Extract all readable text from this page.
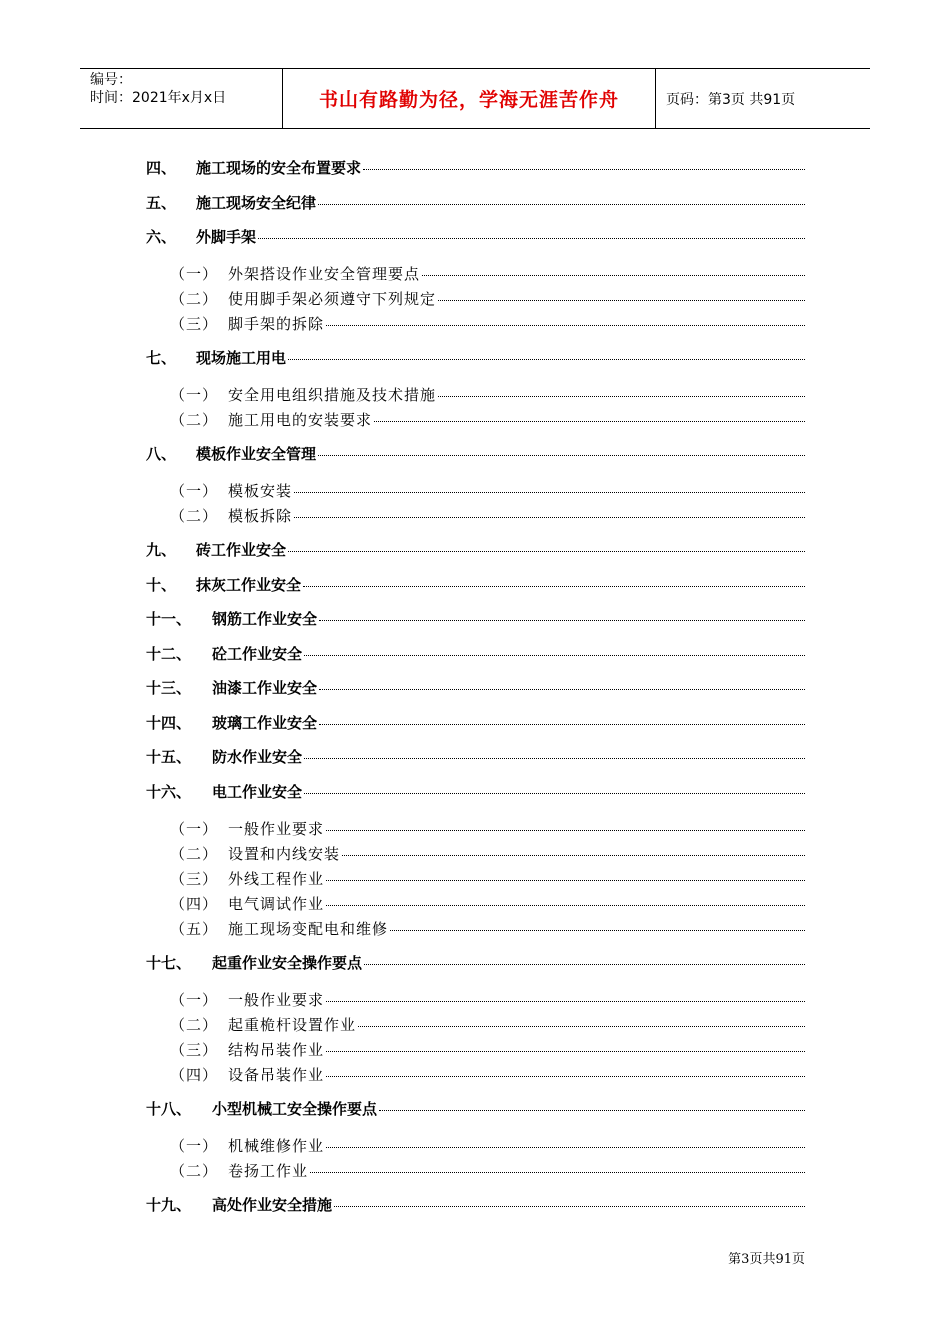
编号：
时间：2021年x月x日	书山有路勤为径，学海无涯苦作舟	页码：第3页 共91页
四、	施工现场的安全布置要求
五、	施工现场安全纪律
六、	外脚手架
（一） 外架搭设作业安全管理要点
（二） 使用脚手架必须遵守下列规定
（三） 脚手架的拆除
七、	现场施工用电
（一） 安全用电组织措施及技术措施
（二） 施工用电的安装要求
八、	模板作业安全管理
（一） 模板安装
（二） 模板拆除
九、	砖工作业安全
十、	抹灰工作业安全
十一、	钢筋工作业安全
十二、	砼工作业安全
十三、	油漆工作业安全
十四、	玻璃工作业安全
十五、	防水作业安全
十六、	电工作业安全
（一） 一般作业要求
（二） 设置和内线安装
（三） 外线工程作业
（四） 电气调试作业
（五） 施工现场变配电和维修
十七、	起重作业安全操作要点
（一） 一般作业要求
（二） 起重桅杆设置作业
（三） 结构吊装作业
（四） 设备吊装作业
十八、	小型机械工安全操作要点
（一） 机械维修作业
（二） 卷扬工作业
十九、	高处作业安全措施
第3页共91页
